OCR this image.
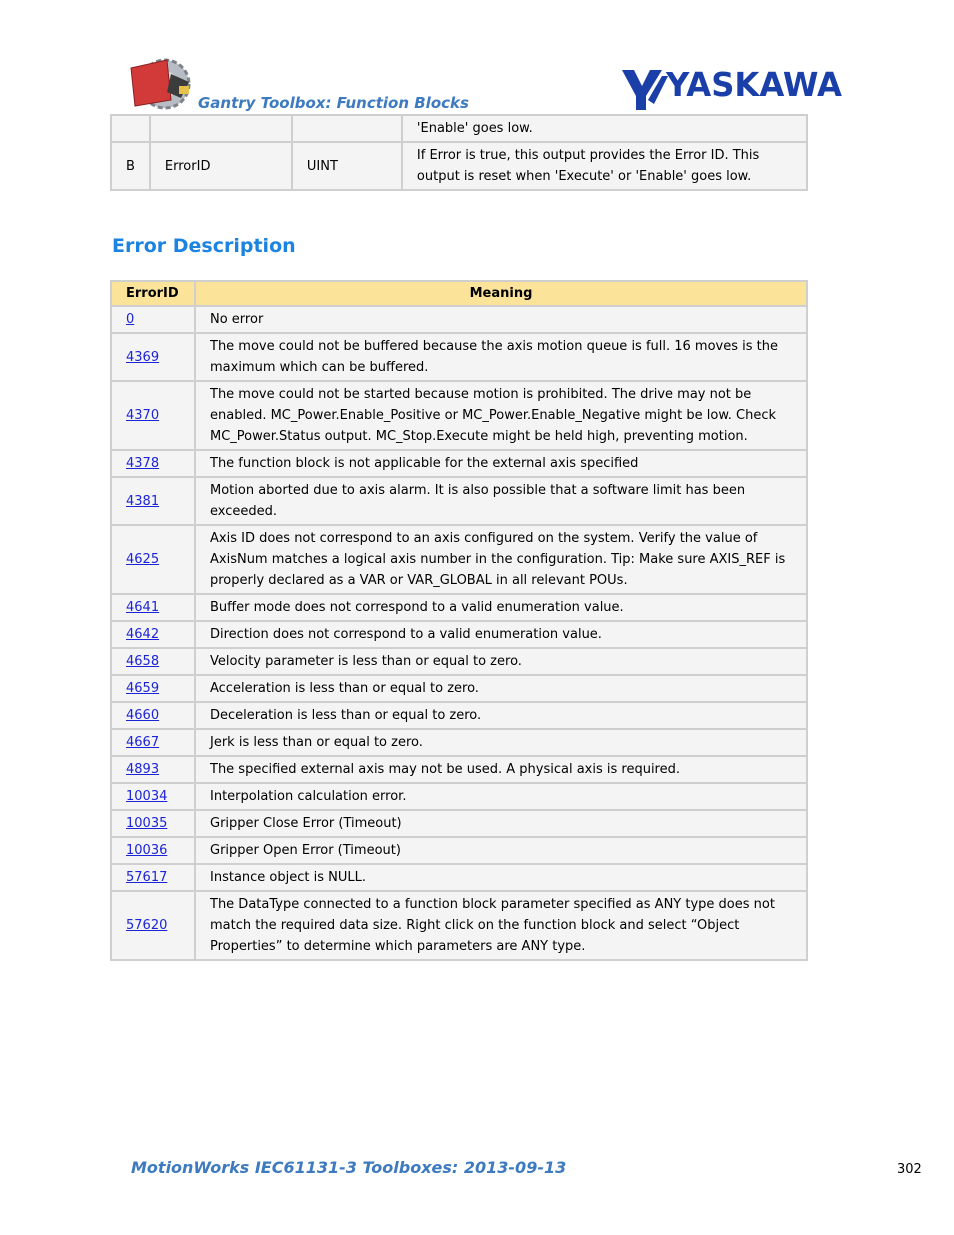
Gantry Toolbox: Function Blocks	YASKAWA
			'Enable' goes low.
B	ErrorID	UINT	If Error is true, this output provides the Error ID. This output is reset when 'Execute' or 'Enable' goes low.
Error Description
ErrorID	Meaning
0	No error
4369	The move could not be buffered because the axis motion queue is full. 16 moves is the maximum which can be buffered.
4370	The move could not be started because motion is prohibited. The drive may not be enabled. MC_Power.Enable_Positive or MC_Power.Enable_Negative might be low. Check MC_Power.Status output. MC_Stop.Execute might be held high, preventing motion.
4378	The function block is not applicable for the external axis specified
4381	Motion aborted due to axis alarm. It is also possible that a software limit has been exceeded.
4625	Axis ID does not correspond to an axis configured on the system. Verify the value of AxisNum matches a logical axis number in the configuration. Tip: Make sure AXIS_REF is properly declared as a VAR or VAR_GLOBAL in all relevant POUs.
4641	Buffer mode does not correspond to a valid enumeration value.
4642	Direction does not correspond to a valid enumeration value.
4658	Velocity parameter is less than or equal to zero.
4659	Acceleration is less than or equal to zero.
4660	Deceleration is less than or equal to zero.
4667	Jerk is less than or equal to zero.
4893	The specified external axis may not be used. A physical axis is required.
10034	Interpolation calculation error.
10035	Gripper Close Error (Timeout)
10036	Gripper Open Error (Timeout)
57617	Instance object is NULL.
57620	The DataType connected to a function block parameter specified as ANY type does not match the required data size. Right click on the function block and select “Object Properties” to determine which parameters are ANY type.
MotionWorks IEC61131-3 Toolboxes: 2013-09-13	302
